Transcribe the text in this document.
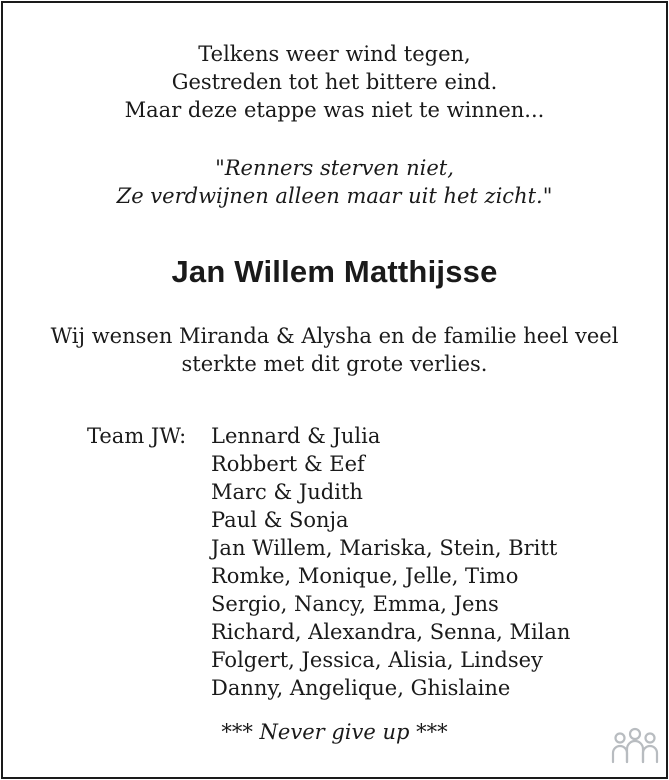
Telkens weer wind tegen,
Gestreden tot het bittere eind.
Maar deze etappe was niet te winnen...
"Renners sterven niet,
Ze verdwijnen alleen maar uit het zicht."
Jan Willem Matthijsse
Wij wensen Miranda & Alysha en de familie heel veel
sterkte met dit grote verlies.
Team JW: Lennard & Julia
Robbert & Eef
Marc & Judith
Paul & Sonja
Jan Willem, Mariska, Stein, Britt
Romke, Monique, Jelle, Timo
Sergio, Nancy, Emma, Jens
Richard, Alexandra, Senna, Milan
Folgert, Jessica, Alisia, Lindsey
Danny, Angelique, Ghislaine
*** Never give up ***
